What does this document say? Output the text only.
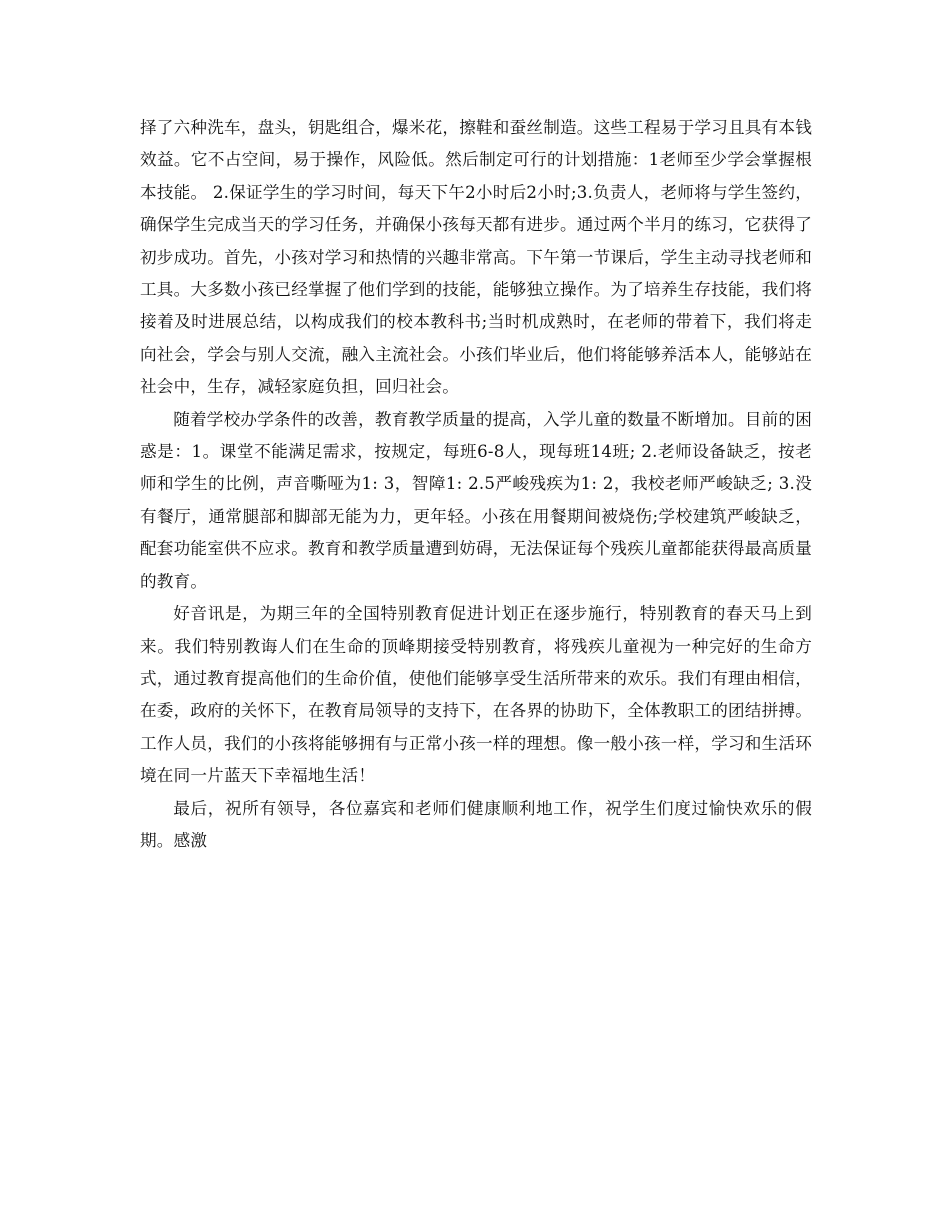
择了六种洗车，盘头，钥匙组合，爆米花，擦鞋和蚕丝制造。这些工程易于学习且具有本钱效益。它不占空间，易于操作，风险低。然后制定可行的计划措施：1老师至少学会掌握根本技能。 2.保证学生的学习时间，每天下午2小时后2小时;3.负责人，老师将与学生签约，确保学生完成当天的学习任务，并确保小孩每天都有进步。通过两个半月的练习，它获得了初步成功。首先，小孩对学习和热情的兴趣非常高。下午第一节课后，学生主动寻找老师和工具。大多数小孩已经掌握了他们学到的技能，能够独立操作。为了培养生存技能，我们将接着及时进展总结，以构成我们的校本教科书;当时机成熟时，在老师的带着下，我们将走向社会，学会与别人交流，融入主流社会。小孩们毕业后，他们将能够养活本人，能够站在社会中，生存，减轻家庭负担，回归社会。

随着学校办学条件的改善，教育教学质量的提高，入学儿童的数量不断增加。目前的困惑是：1。课堂不能满足需求，按规定，每班6-8人，现每班14班; 2.老师设备缺乏，按老师和学生的比例，声音嘶哑为1: 3，智障1: 2.5严峻残疾为1: 2，我校老师严峻缺乏; 3.没有餐厅，通常腿部和脚部无能为力，更年轻。小孩在用餐期间被烧伤;学校建筑严峻缺乏，配套功能室供不应求。教育和教学质量遭到妨碍，无法保证每个残疾儿童都能获得最高质量的教育。

好音讯是，为期三年的全国特别教育促进计划正在逐步施行，特别教育的春天马上到来。我们特别教诲人们在生命的顶峰期接受特别教育，将残疾儿童视为一种完好的生命方式，通过教育提高他们的生命价值，使他们能够享受生活所带来的欢乐。我们有理由相信，在委，政府的关怀下，在教育局领导的支持下，在各界的协助下，全体教职工的团结拼搏。工作人员，我们的小孩将能够拥有与正常小孩一样的理想。像一般小孩一样，学习和生活环境在同一片蓝天下幸福地生活！

最后，祝所有领导，各位嘉宾和老师们健康顺利地工作，祝学生们度过愉快欢乐的假期。感激
